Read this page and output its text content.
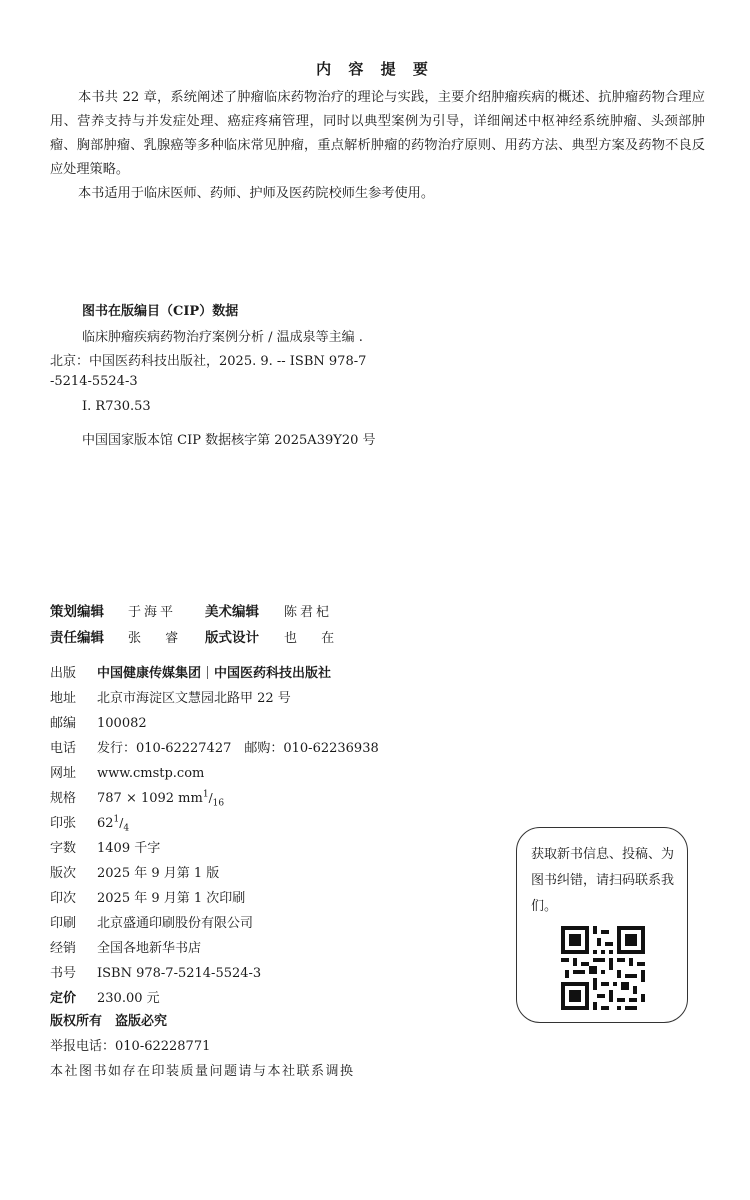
内 容 提 要
本书共 22 章，系统阐述了肿瘤临床药物治疗的理论与实践，主要介绍肿瘤疾病的概述、抗肿瘤药物合理应用、营养支持与并发症处理、癌症疼痛管理，同时以典型案例为引导，详细阐述中枢神经系统肿瘤、头颈部肿瘤、胸部肿瘤、乳腺癌等多种临床常见肿瘤，重点解析肿瘤的药物治疗原则、用药方法、典型方案及药物不良反应处理策略。
本书适用于临床医师、药师、护师及医药院校师生参考使用。
图书在版编目（CIP）数据
临床肿瘤疾病药物治疗案例分析 / 温成泉等主编 .
北京：中国医药科技出版社，2025. 9. -- ISBN 978-7
-5214-5524-3
Ⅰ. R730.53
中国国家版本馆 CIP 数据核字第 2025A39Y20 号
策划编辑 于海平 美术编辑 陈君杞
责任编辑 张 睿 版式设计 也 在
出版 中国健康传媒集团 中国医药科技出版社
地址 北京市海淀区文慧园北路甲 22 号
邮编 100082
电话 发行：010-62227427　邮购：010-62236938
网址 www.cmstp.com
规格 787 × 1092 $mm^1/_{16}$
印张 $62^1/_4$
字数 1409 千字
版次 2025 年 9 月第 1 版
印次 2025 年 9 月第 1 次印刷
印刷 北京盛通印刷股份有限公司
经销 全国各地新华书店
书号 ISBN 978-7-5214-5524-3
定价 230.00 元
版权所有　盗版必究
举报电话：010-62228771
本社图书如存在印装质量问题请与本社联系调换
获取新书信息、投稿、为图书纠错，请扫码联系我们。
